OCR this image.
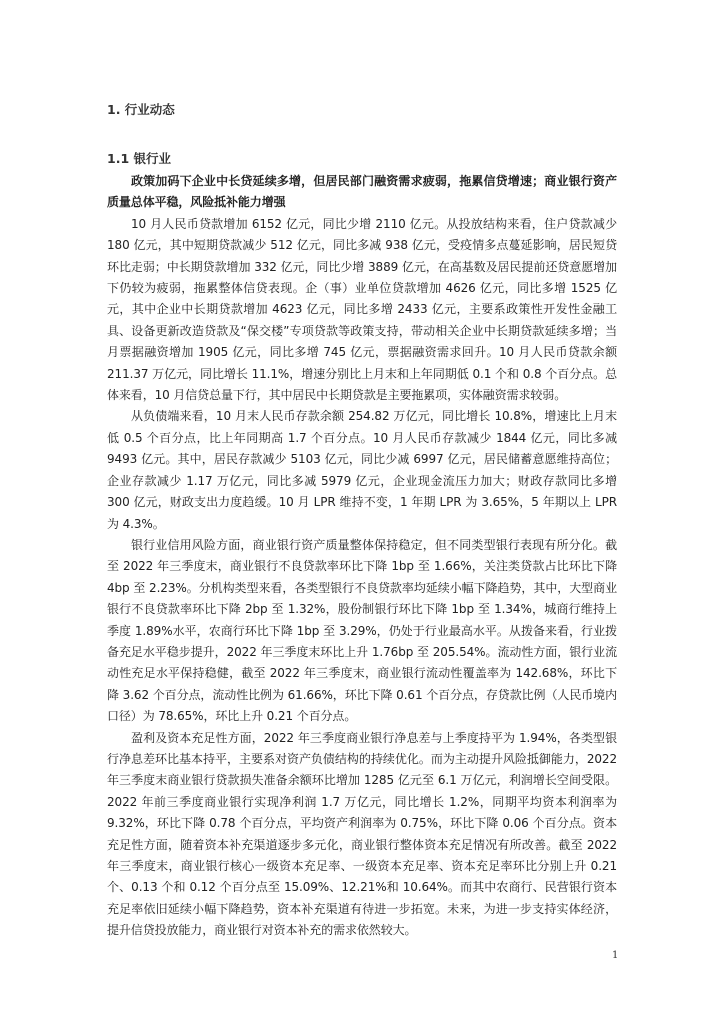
1. 行业动态
1.1 银行业

政策加码下企业中长贷延续多增，但居民部门融资需求疲弱，拖累信贷增速；商业银行资产质量总体平稳，风险抵补能力增强

10 月人民币贷款增加 6152 亿元，同比少增 2110 亿元。从投放结构来看，住户贷款减少 180 亿元，其中短期贷款减少 512 亿元，同比多减 938 亿元，受疫情多点蔓延影响，居民短贷环比走弱；中长期贷款增加 332 亿元，同比少增 3889 亿元，在高基数及居民提前还贷意愿增加下仍较为疲弱，拖累整体信贷表现。企（事）业单位贷款增加 4626 亿元，同比多增 1525 亿元，其中企业中长期贷款增加 4623 亿元，同比多增 2433 亿元，主要系政策性开发性金融工具、设备更新改造贷款及“保交楼”专项贷款等政策支持，带动相关企业中长期贷款延续多增；当月票据融资增加 1905 亿元，同比多增 745 亿元，票据融资需求回升。10 月人民币贷款余额 211.37 万亿元，同比增长 11.1%，增速分别比上月末和上年同期低 0.1 个和 0.8 个百分点。总体来看，10 月信贷总量下行，其中居民中长期贷款是主要拖累项，实体融资需求较弱。

从负债端来看，10 月末人民币存款余额 254.82 万亿元，同比增长 10.8%，增速比上月末低 0.5 个百分点，比上年同期高 1.7 个百分点。10 月人民币存款减少 1844 亿元，同比多减 9493 亿元。其中，居民存款减少 5103 亿元，同比少减 6997 亿元，居民储蓄意愿维持高位；企业存款减少 1.17 万亿元，同比多减 5979 亿元，企业现金流压力加大；财政存款同比多增 300 亿元，财政支出力度趋缓。10 月 LPR 维持不变，1 年期 LPR 为 3.65%，5 年期以上 LPR 为 4.3%。

银行业信用风险方面，商业银行资产质量整体保持稳定，但不同类型银行表现有所分化。截至 2022 年三季度末，商业银行不良贷款率环比下降 1bp 至 1.66%，关注类贷款占比环比下降 4bp 至 2.23%。分机构类型来看，各类型银行不良贷款率均延续小幅下降趋势，其中，大型商业银行不良贷款率环比下降 2bp 至 1.32%，股份制银行环比下降 1bp 至 1.34%，城商行维持上季度 1.89%水平，农商行环比下降 1bp 至 3.29%，仍处于行业最高水平。从拨备来看，行业拨备充足水平稳步提升，2022 年三季度末环比上升 1.76bp 至 205.54%。流动性方面，银行业流动性充足水平保持稳健，截至 2022 年三季度末，商业银行流动性覆盖率为 142.68%，环比下降 3.62 个百分点，流动性比例为 61.66%，环比下降 0.61 个百分点，存贷款比例（人民币境内口径）为 78.65%，环比上升 0.21 个百分点。

盈利及资本充足性方面，2022 年三季度商业银行净息差与上季度持平为 1.94%，各类型银行净息差环比基本持平，主要系对资产负债结构的持续优化。而为主动提升风险抵御能力，2022 年三季度末商业银行贷款损失准备余额环比增加 1285 亿元至 6.1 万亿元，利润增长空间受限。2022 年前三季度商业银行实现净利润 1.7 万亿元，同比增长 1.2%，同期平均资本利润率为 9.32%，环比下降 0.78 个百分点，平均资产利润率为 0.75%，环比下降 0.06 个百分点。资本充足性方面，随着资本补充渠道逐步多元化，商业银行整体资本充足情况有所改善。截至 2022 年三季度末，商业银行核心一级资本充足率、一级资本充足率、资本充足率环比分别上升 0.21 个、0.13 个和 0.12 个百分点至 15.09%、12.21%和 10.64%。而其中农商行、民营银行资本充足率依旧延续小幅下降趋势，资本补充渠道有待进一步拓宽。未来，为进一步支持实体经济，提升信贷投放能力，商业银行对资本补充的需求依然较大。

1
